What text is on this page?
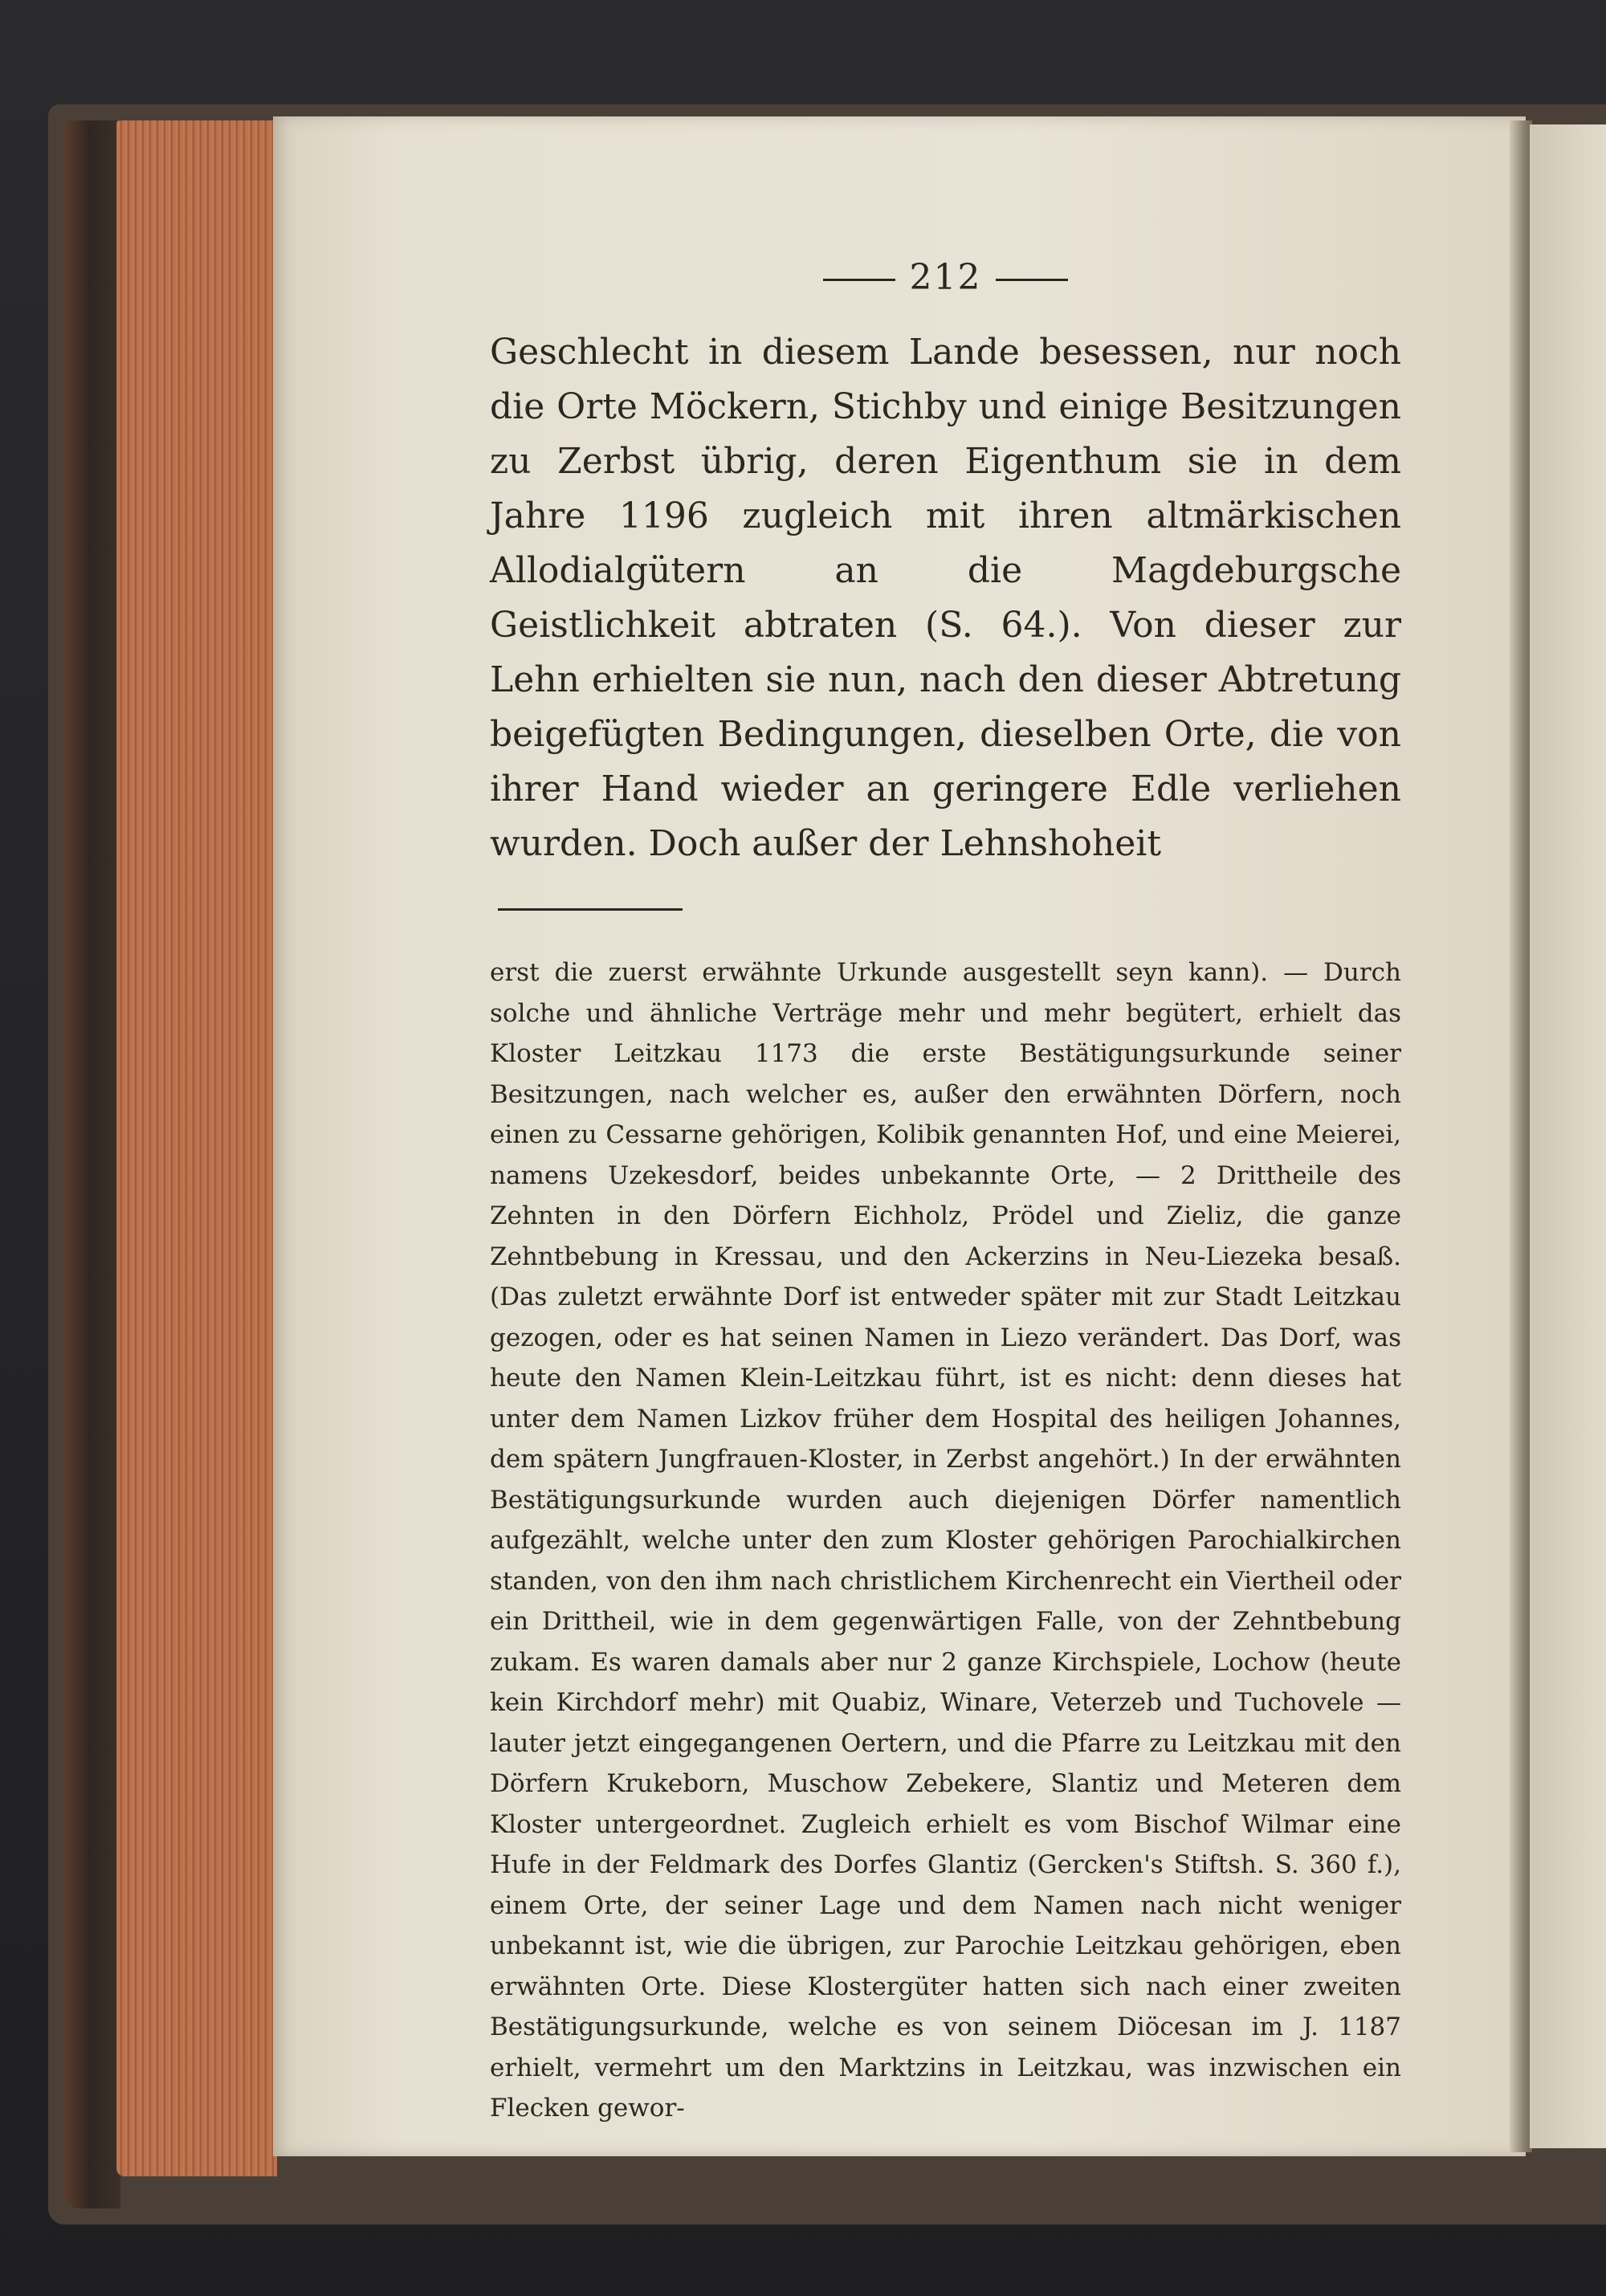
212

Geschlecht in diesem Lande besessen, nur noch die Orte Möckern, Stichby und einige Besitzungen zu Zerbst übrig, deren Eigenthum sie in dem Jahre 1196 zugleich mit ihren altmärkischen Allodialgütern an die Magdeburgsche Geistlichkeit abtraten (S. 64.). Von dieser zur Lehn erhielten sie nun, nach den dieser Abtretung beigefügten Bedingungen, dieselben Orte, die von ihrer Hand wieder an geringere Edle verliehen wurden. Doch außer der Lehnshoheit

erst die zuerst erwähnte Urkunde ausgestellt seyn kann). — Durch solche und ähnliche Verträge mehr und mehr begütert, erhielt das Kloster Leitzkau 1173 die erste Bestätigungsurkunde seiner Besitzungen, nach welcher es, außer den erwähnten Dörfern, noch einen zu Cessarne gehörigen, Kolibik genannten Hof, und eine Meierei, namens Uzekesdorf, beides unbekannte Orte, — 2 Drittheile des Zehnten in den Dörfern Eichholz, Prödel und Zieliz, die ganze Zehntbebung in Kressau, und den Ackerzins in Neu-Liezeka besaß. (Das zuletzt erwähnte Dorf ist entweder später mit zur Stadt Leitzkau gezogen, oder es hat seinen Namen in Liezo verändert. Das Dorf, was heute den Namen Klein-Leitzkau führt, ist es nicht: denn dieses hat unter dem Namen Lizkov früher dem Hospital des heiligen Johannes, dem spätern Jungfrauen-Kloster, in Zerbst angehört.) In der erwähnten Bestätigungsurkunde wurden auch diejenigen Dörfer namentlich aufgezählt, welche unter den zum Kloster gehörigen Parochialkirchen standen, von den ihm nach christlichem Kirchenrecht ein Viertheil oder ein Drittheil, wie in dem gegenwärtigen Falle, von der Zehntbebung zukam. Es waren damals aber nur 2 ganze Kirchspiele, Lochow (heute kein Kirchdorf mehr) mit Quabiz, Winare, Veterzeb und Tuchovele — lauter jetzt eingegangenen Oertern, und die Pfarre zu Leitzkau mit den Dörfern Krukeborn, Muschow Zebekere, Slantiz und Meteren dem Kloster untergeordnet. Zugleich erhielt es vom Bischof Wilmar eine Hufe in der Feldmark des Dorfes Glantiz (Gercken's Stiftsh. S. 360 f.), einem Orte, der seiner Lage und dem Namen nach nicht weniger unbekannt ist, wie die übrigen, zur Parochie Leitzkau gehörigen, eben erwähnten Orte. Diese Klostergüter hatten sich nach einer zweiten Bestätigungsurkunde, welche es von seinem Diöcesan im J. 1187 erhielt, vermehrt um den Marktzins in Leitzkau, was inzwischen ein Flecken gewor-
